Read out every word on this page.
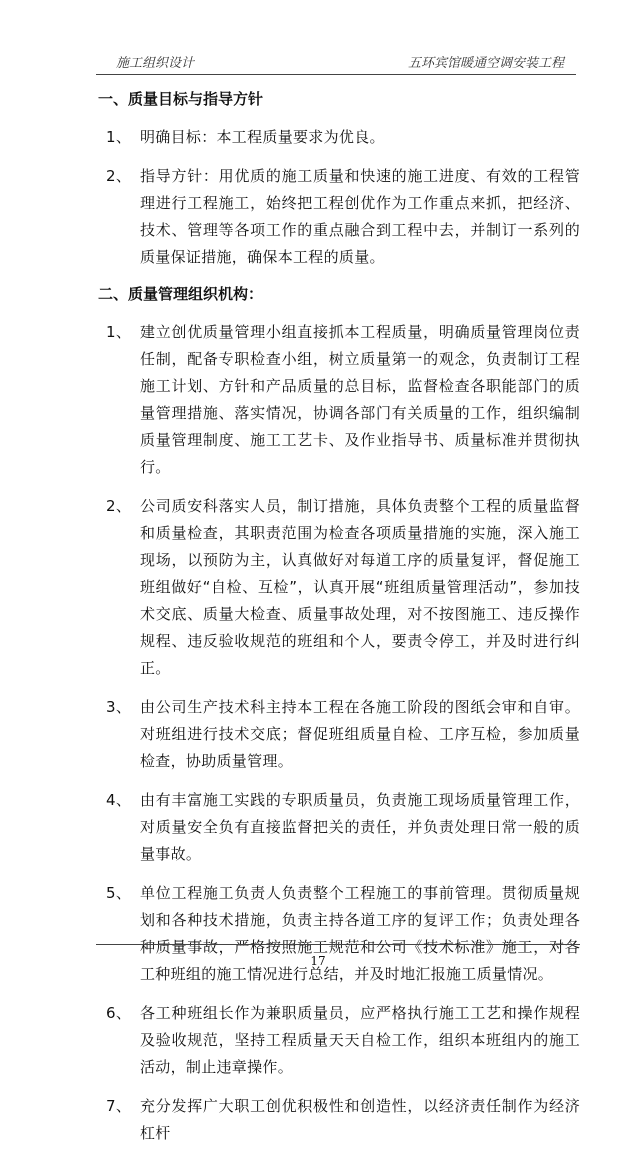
施工组织设计	五环宾馆暖通空调安装工程
一、质量目标与指导方针
1、 明确目标：本工程质量要求为优良。
2、 指导方针：用优质的施工质量和快速的施工进度、有效的工程管理进行工程施工，始终把工程创优作为工作重点来抓，把经济、技术、管理等各项工作的重点融合到工程中去，并制订一系列的质量保证措施，确保本工程的质量。
二、质量管理组织机构：
1、 建立创优质量管理小组直接抓本工程质量，明确质量管理岗位责任制，配备专职检查小组，树立质量第一的观念，负责制订工程施工计划、方针和产品质量的总目标，监督检查各职能部门的质量管理措施、落实情况，协调各部门有关质量的工作，组织编制质量管理制度、施工工艺卡、及作业指导书、质量标准并贯彻执行。
2、 公司质安科落实人员，制订措施，具体负责整个工程的质量监督和质量检查，其职责范围为检查各项质量措施的实施，深入施工现场，以预防为主，认真做好对每道工序的质量复评，督促施工班组做好“自检、互检”，认真开展“班组质量管理活动”，参加技术交底、质量大检查、质量事故处理，对不按图施工、违反操作规程、违反验收规范的班组和个人，要责令停工，并及时进行纠正。
3、 由公司生产技术科主持本工程在各施工阶段的图纸会审和自审。对班组进行技术交底；督促班组质量自检、工序互检，参加质量检查，协助质量管理。
4、 由有丰富施工实践的专职质量员，负责施工现场质量管理工作，对质量安全负有直接监督把关的责任，并负责处理日常一般的质量事故。
5、 单位工程施工负责人负责整个工程施工的事前管理。贯彻质量规划和各种技术措施，负责主持各道工序的复评工作；负责处理各种质量事故，严格按照施工规范和公司《技术标准》施工，对各工种班组的施工情况进行总结，并及时地汇报施工质量情况。
6、 各工种班组长作为兼职质量员，应严格执行施工工艺和操作规程及验收规范，坚持工程质量天天自检工作，组织本班组内的施工活动，制止违章操作。
7、 充分发挥广大职工创优积极性和创造性，以经济责任制作为经济杠杆
17
